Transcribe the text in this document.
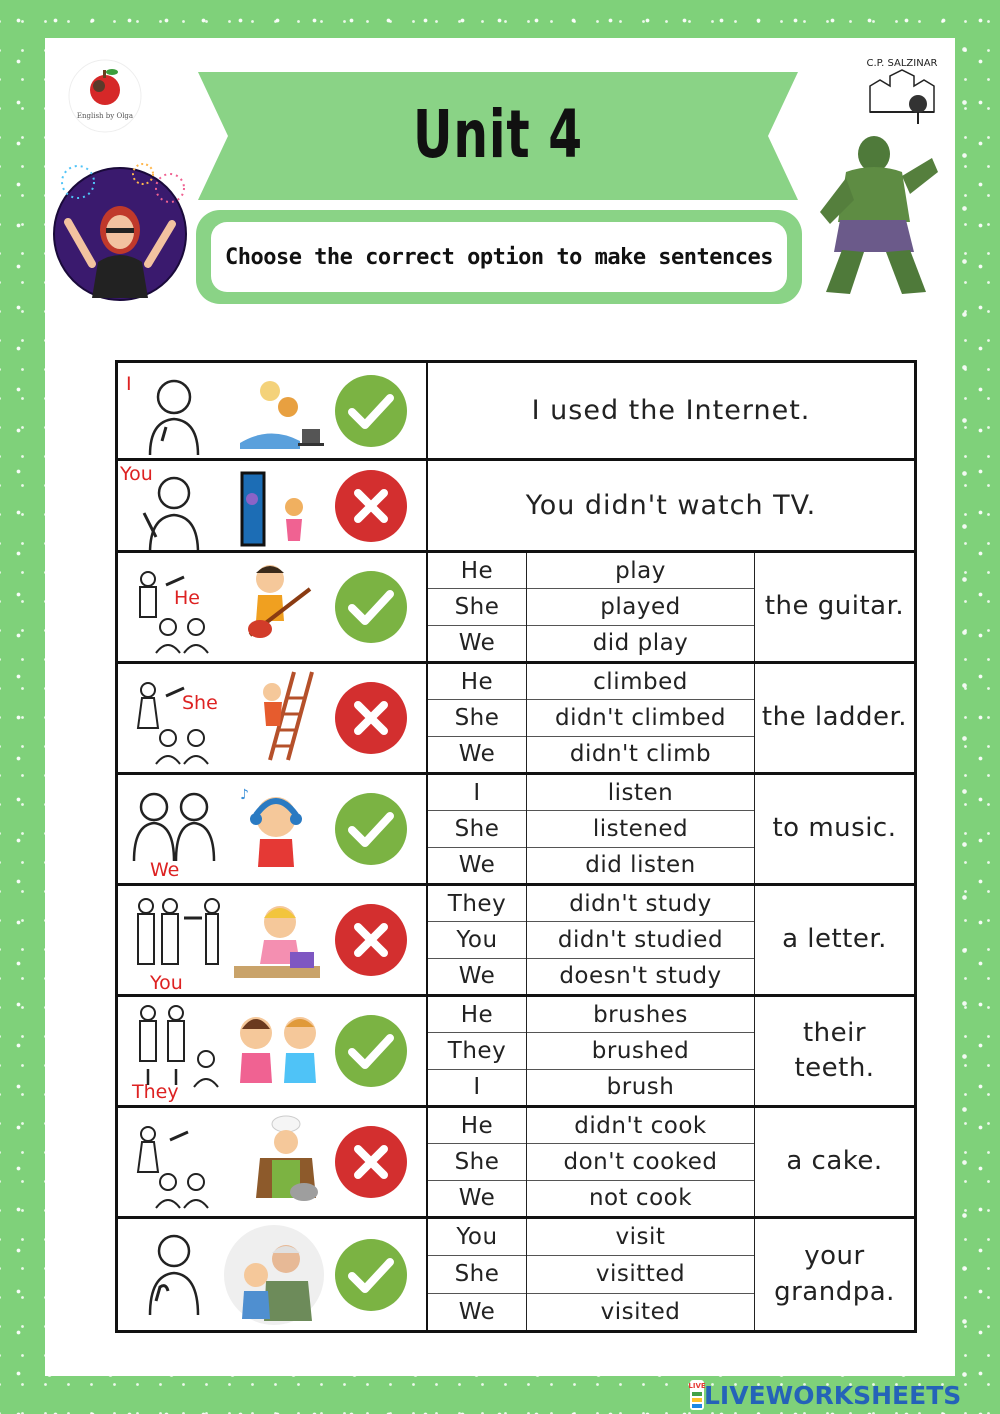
Unit 4
Choose the correct option to make sentences
English by Olga
C.P. SALZINAR
I
I used the Internet.
You
You didn't watch TV.
He
He
She
We
play
played
did play
the guitar.
She
He
She
We
climbed
didn't climbed
didn't climb
the ladder.
We
♪	I
She
We
listen
listened
did listen
to music.
You
They
You
We
didn't study
didn't studied
doesn't study
a letter.
They
He
They
I
brushes
brushed
brush
their teeth.
He
She
We
didn't cook
don't cooked
not cook
a cake.
You
She
We
visit
visitted
visited
your grandpa.
LIVE
LIVEWORKSHEETS
